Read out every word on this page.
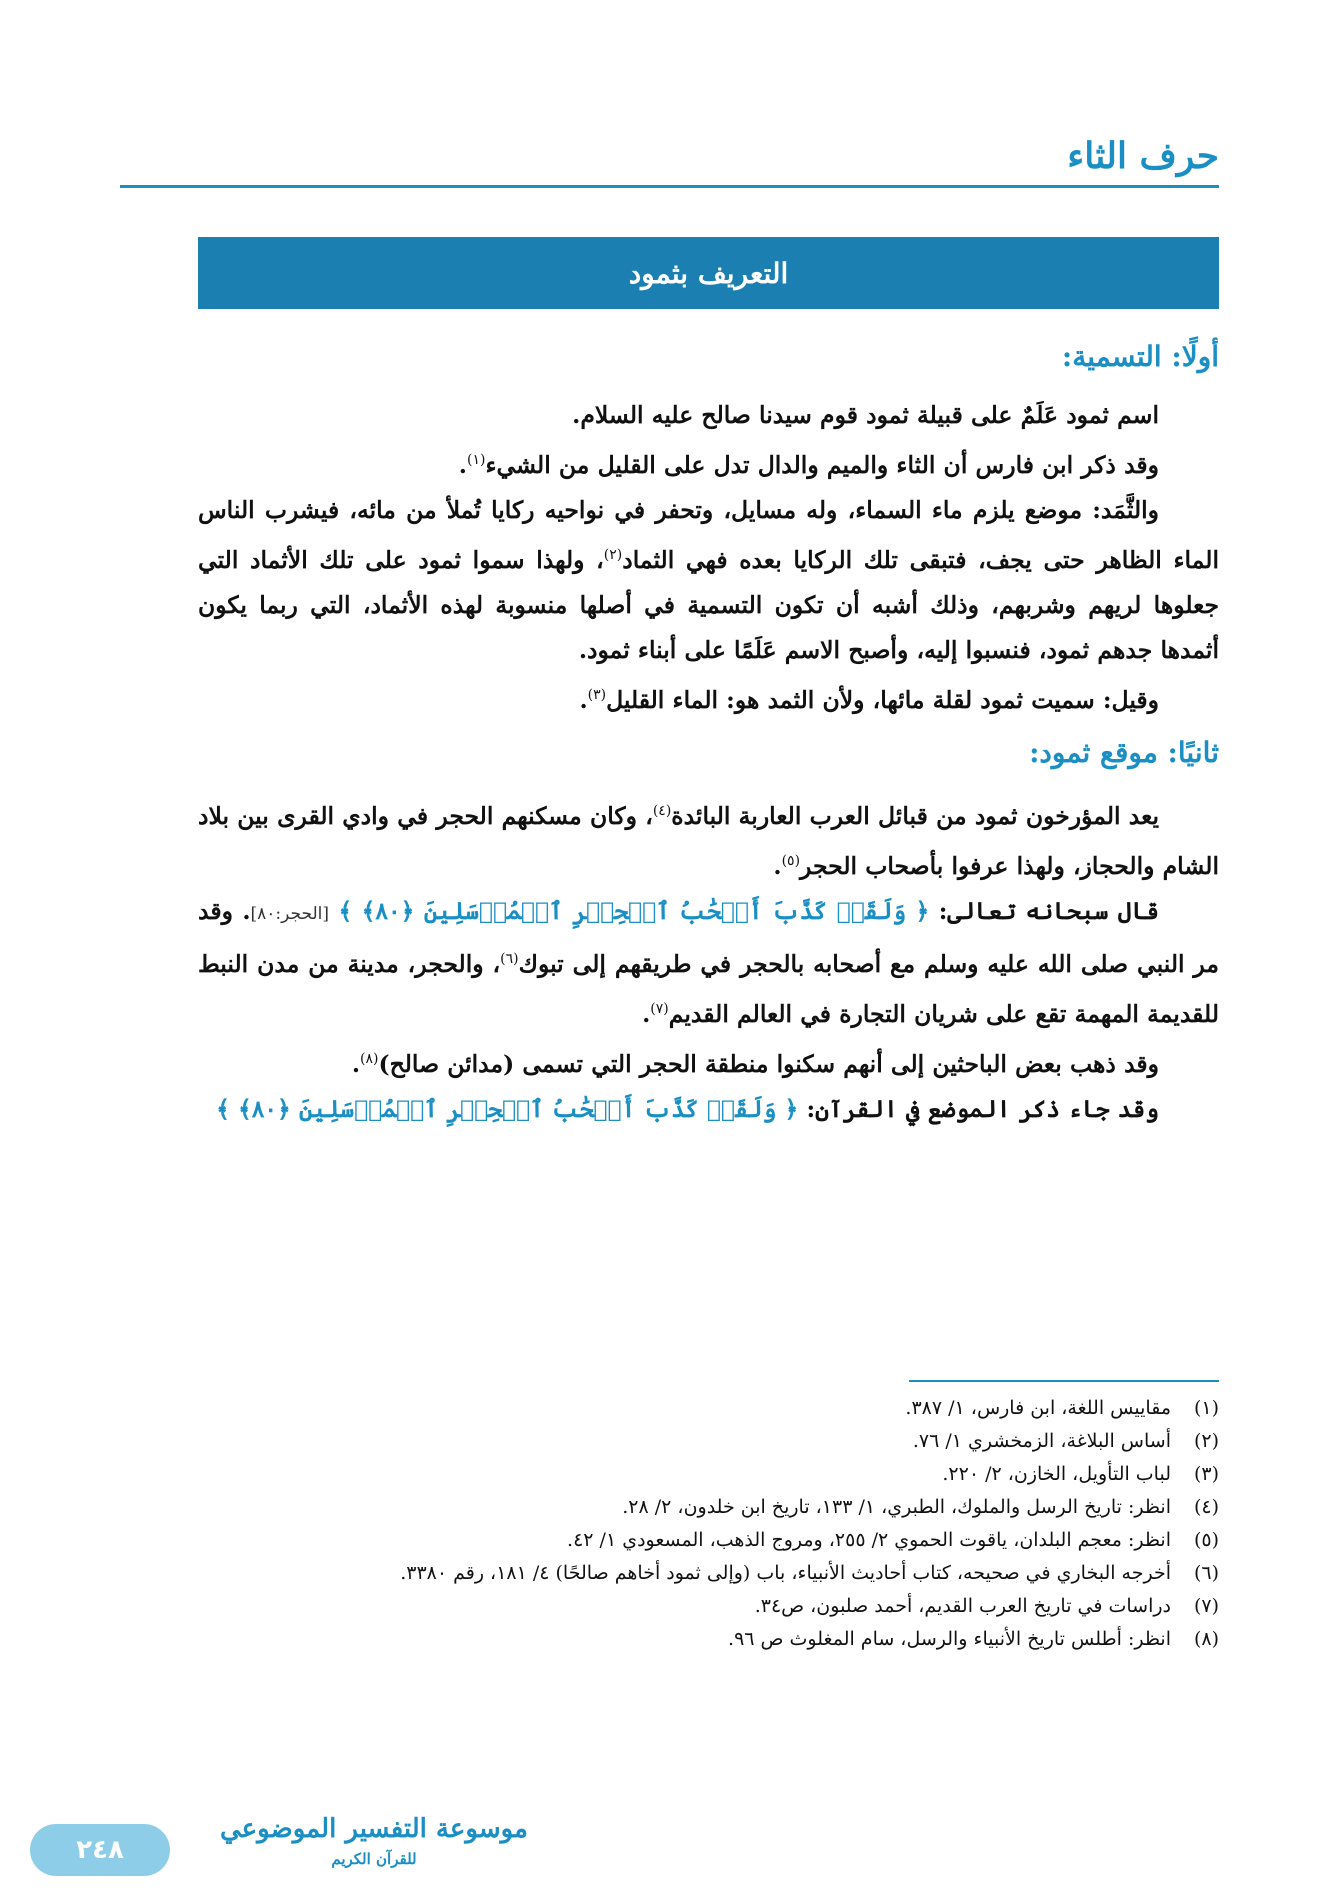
حرف الثاء
التعريف بثمود
أولًا: التسمية:

اسم ثمود عَلَمٌ على قبيلة ثمود قوم سيدنا صالح عليه السلام.

وقد ذكر ابن فارس أن الثاء والميم والدال تدل على القليل من الشيء$^{(١)}$.

والثَّمَد: موضع يلزم ماء السماء، وله مسايل، وتحفر في نواحيه ركايا تُملأ من مائه، فيشرب الناس الماء الظاهر حتى يجف، فتبقى تلك الركايا بعده فهي الثماد$^{(٢)}$، ولهذا سموا ثمود على تلك الأثماد التي جعلوها لريهم وشربهم، وذلك أشبه أن تكون التسمية في أصلها منسوبة لهذه الأثماد، التي ربما يكون أثمدها جدهم ثمود، فنسبوا إليه، وأصبح الاسم عَلَمًا على أبناء ثمود.

وقيل: سميت ثمود لقلة مائها، ولأن الثمد هو: الماء القليل$^{(٣)}$.

ثانيًا: موقع ثمود:

يعد المؤرخون ثمود من قبائل العرب العاربة البائدة$^{(٤)}$، وكان مسكنهم الحجر في وادي القرى بين بلاد الشام والحجاز، ولهذا عرفوا بأصحاب الحجر$^{(٥)}$.

قال سبحانه تعالى: ﴿ وَلَقَدۡ كَذَّبَ أَصۡحَٰبُ ٱلۡحِجۡرِ ٱلۡمُرۡسَلِينَ ﴿٨٠﴾ ﴾ [الحجر:٨٠]. وقد مر النبي صلى الله عليه وسلم مع أصحابه بالحجر في طريقهم إلى تبوك$^{(٦)}$، والحجر، مدينة من مدن النبط للقديمة المهمة تقع على شريان التجارة في العالم القديم$^{(٧)}$.

وقد ذهب بعض الباحثين إلى أنهم سكنوا منطقة الحجر التي تسمى (مدائن صالح)$^{(٨)}$.

وقد جاء ذكر الموضع في القرآن: ﴿ وَلَقَدۡ كَذَّبَ أَصۡحَٰبُ ٱلۡحِجۡرِ ٱلۡمُرۡسَلِينَ ﴿٨٠﴾ ﴾

(١)
مقاييس اللغة، ابن فارس، ١/ ٣٨٧.
(٢)
أساس البلاغة، الزمخشري ١/ ٧٦.
(٣)
لباب التأويل، الخازن، ٢/ ٢٢٠.
(٤)
انظر: تاريخ الرسل والملوك، الطبري، ١/ ١٣٣، تاريخ ابن خلدون، ٢/ ٢٨.
(٥)
انظر: معجم البلدان، ياقوت الحموي ٢/ ٢٥٥، ومروج الذهب، المسعودي ١/ ٤٢.
(٦)
أخرجه البخاري في صحيحه، كتاب أحاديث الأنبياء، باب (وإلى ثمود أخاهم صالحًا) ٤/ ١٨١، رقم ٣٣٨٠.
(٧)
دراسات في تاريخ العرب القديم، أحمد صلبون، ص٣٤.
(٨)
انظر: أطلس تاريخ الأنبياء والرسل، سام المغلوث ص ٩٦.
موسوعة التفسير الموضوعي
للقرآن الكريم
٢٤٨
